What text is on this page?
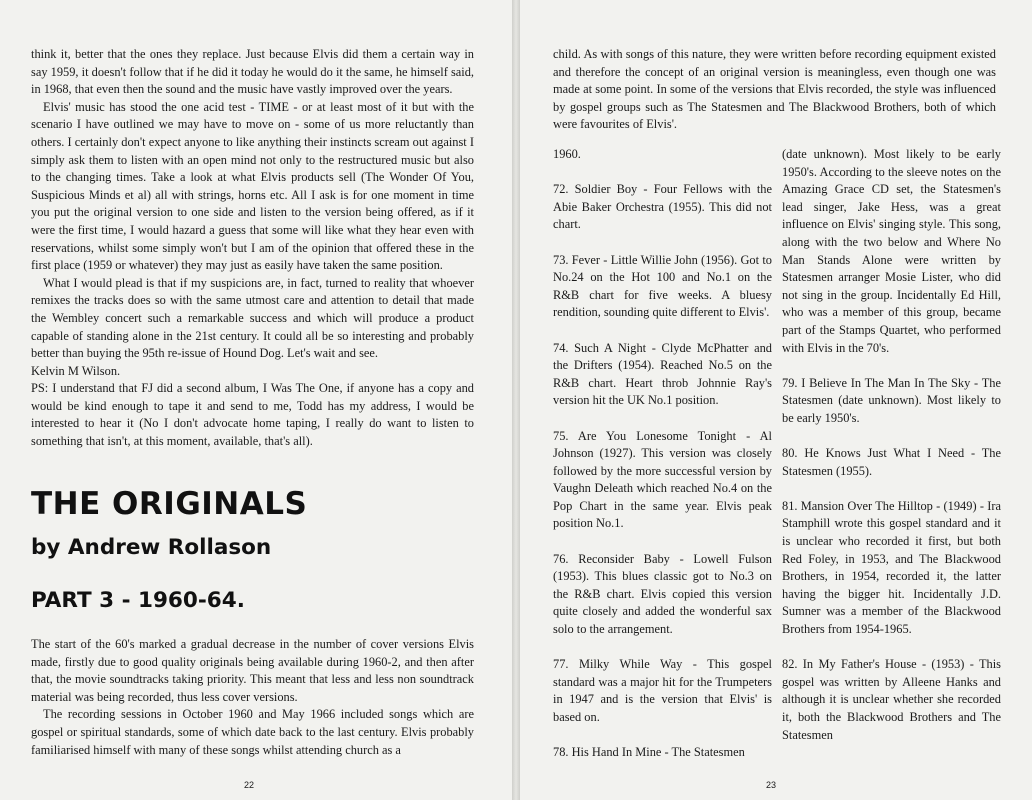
think it, better that the ones they replace. Just because Elvis did them a certain way in say 1959, it doesn't follow that if he did it today he would do it the same, he himself said, in 1968, that even then the sound and the music have vastly improved over the years.

Elvis' music has stood the one acid test - TIME - or at least most of it but with the scenario I have outlined we may have to move on - some of us more reluctantly than others. I certainly don't expect anyone to like anything their instincts scream out against I simply ask them to listen with an open mind not only to the restructured music but also to the changing times. Take a look at what Elvis products sell (The Wonder Of You, Suspicious Minds et al) all with strings, horns etc. All I ask is for one moment in time you put the original version to one side and listen to the version being offered, as if it were the first time, I would hazard a guess that some will like what they hear even with reservations, whilst some simply won't but I am of the opinion that offered these in the first place (1959 or whatever) they may just as easily have taken the same position.

What I would plead is that if my suspicions are, in fact, turned to reality that whoever remixes the tracks does so with the same utmost care and attention to detail that made the Wembley concert such a remarkable success and which will produce a product capable of standing alone in the 21st century. It could all be so interesting and probably better than buying the 95th re-issue of Hound Dog. Let's wait and see.

Kelvin M Wilson.

PS: I understand that FJ did a second album, I Was The One, if anyone has a copy and would be kind enough to tape it and send to me, Todd has my address, I would be interested to hear it (No I don't advocate home taping, I really do want to listen to something that isn't, at this moment, available, that's all).

THE ORIGINALS
by Andrew Rollason
PART 3 - 1960-64.

The start of the 60's marked a gradual decrease in the number of cover versions Elvis made, firstly due to good quality originals being available during 1960-2, and then after that, the movie soundtracks taking priority. This meant that less and less non soundtrack material was being recorded, thus less cover versions.

The recording sessions in October 1960 and May 1966 included songs which are gospel or spiritual standards, some of which date back to the last century. Elvis probably familiarised himself with many of these songs whilst attending church as a

22

child. As with songs of this nature, they were written before recording equipment existed and therefore the concept of an original version is meaningless, even though one was made at some point. In some of the versions that Elvis recorded, the style was influenced by gospel groups such as The Statesmen and The Blackwood Brothers, both of which were favourites of Elvis'.

1960.

72. Soldier Boy - Four Fellows with the Abie Baker Orchestra (1955). This did not chart.

73. Fever - Little Willie John (1956). Got to No.24 on the Hot 100 and No.1 on the R&B chart for five weeks. A bluesy rendition, sounding quite different to Elvis'.

74. Such A Night - Clyde McPhatter and the Drifters (1954). Reached No.5 on the R&B chart. Heart throb Johnnie Ray's version hit the UK No.1 position.

75. Are You Lonesome Tonight - Al Johnson (1927). This version was closely followed by the more successful version by Vaughn Deleath which reached No.4 on the Pop Chart in the same year. Elvis peak position No.1.

76. Reconsider Baby - Lowell Fulson (1953). This blues classic got to No.3 on the R&B chart. Elvis copied this version quite closely and added the wonderful sax solo to the arrangement.

77. Milky While Way - This gospel standard was a major hit for the Trumpeters in 1947 and is the version that Elvis' is based on.

78. His Hand In Mine - The Statesmen

(date unknown). Most likely to be early 1950's. According to the sleeve notes on the Amazing Grace CD set, the Statesmen's lead singer, Jake Hess, was a great influence on Elvis' singing style. This song, along with the two below and Where No Man Stands Alone were written by Statesmen arranger Mosie Lister, who did not sing in the group. Incidentally Ed Hill, who was a member of this group, became part of the Stamps Quartet, who performed with Elvis in the 70's.

79. I Believe In The Man In The Sky - The Statesmen (date unknown). Most likely to be early 1950's.

80. He Knows Just What I Need - The Statesmen (1955).

81. Mansion Over The Hilltop - (1949) - Ira Stamphill wrote this gospel standard and it is unclear who recorded it first, but both Red Foley, in 1953, and The Blackwood Brothers, in 1954, recorded it, the latter having the bigger hit. Incidentally J.D. Sumner was a member of the Blackwood Brothers from 1954-1965.

82. In My Father's House - (1953) - This gospel was written by Alleene Hanks and although it is unclear whether she recorded it, both the Blackwood Brothers and The Statesmen

23
